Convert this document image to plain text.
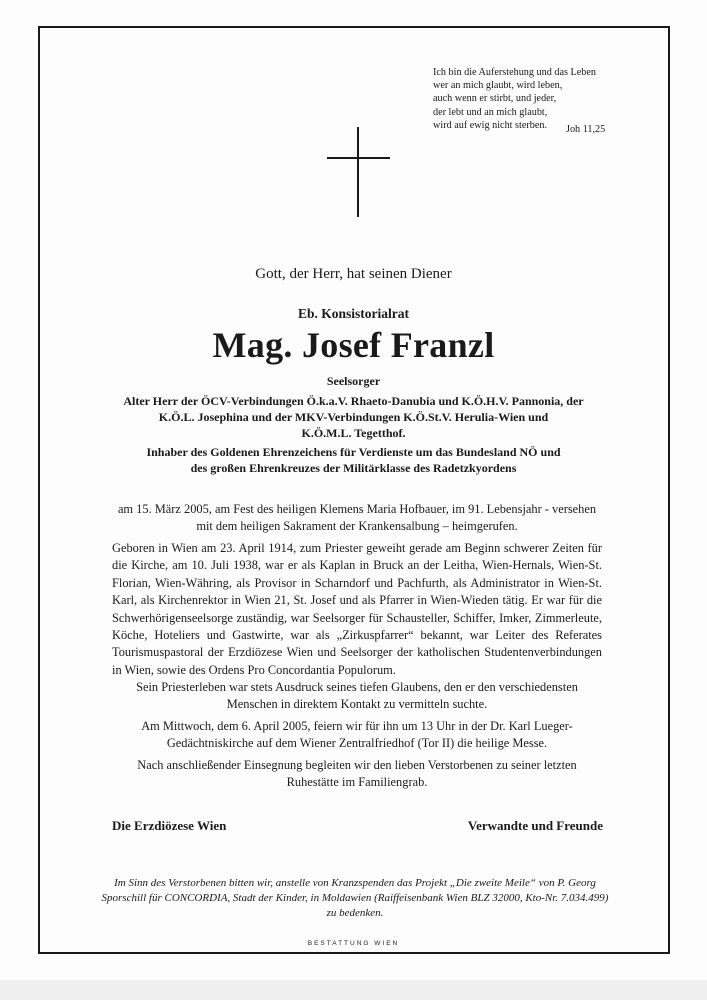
Ich bin die Auferstehung und das Leben
wer an mich glaubt, wird leben,
auch wenn er stirbt, und jeder,
der lebt und an mich glaubt,
wird auf ewig nicht sterben.	Joh 11,25
Gott, der Herr, hat seinen Diener
Eb. Konsistorialrat
Mag. Josef Franzl
Seelsorger
Alter Herr der ÖCV-Verbindungen Ö.k.a.V. Rhaeto-Danubia und K.Ö.H.V. Pannonia, der
K.Ö.L. Josephina und der MKV-Verbindungen K.Ö.St.V. Herulia-Wien und
K.Ö.M.L. Tegetthof.
Inhaber des Goldenen Ehrenzeichens für Verdienste um das Bundesland NÖ und
des großen Ehrenkreuzes der Militärklasse des Radetzkyordens
am 15. März 2005, am Fest des heiligen Klemens Maria Hofbauer, im 91. Lebensjahr - versehen mit dem heiligen Sakrament der Krankensalbung – heimgerufen.
Geboren in Wien am 23. April 1914, zum Priester geweiht gerade am Beginn schwerer Zeiten für die Kirche, am 10. Juli 1938, war er als Kaplan in Bruck an der Leitha, Wien-Hernals, Wien-St. Florian, Wien-Währing, als Provisor in Scharndorf und Pachfurth, als Administrator in Wien-St. Karl, als Kirchenrektor in Wien 21, St. Josef und als Pfarrer in Wien-Wieden tätig. Er war für die Schwerhörigenseelsorge zuständig, war Seelsorger für Schausteller, Schiffer, Imker, Zimmerleute, Köche, Hoteliers und Gastwirte, war als „Zirkuspfarrer“ bekannt, war Leiter des Referates Tourismuspastoral der Erzdiözese Wien und Seelsorger der katholischen Studentenverbindungen in Wien, sowie des Ordens Pro Concordantia Populorum.
Sein Priesterleben war stets Ausdruck seines tiefen Glaubens, den er den verschiedensten Menschen in direktem Kontakt zu vermitteln suchte.
Am Mittwoch, dem 6. April 2005, feiern wir für ihn um 13 Uhr in der Dr. Karl Lueger-Gedächtniskirche auf dem Wiener Zentralfriedhof (Tor II) die heilige Messe.
Nach anschließender Einsegnung begleiten wir den lieben Verstorbenen zu seiner letzten Ruhestätte im Familiengrab.
Die Erzdiözese Wien	Verwandte und Freunde
Im Sinn des Verstorbenen bitten wir, anstelle von Kranzspenden das Projekt „Die zweite Meile“ von P. Georg Sporschill für CONCORDIA, Stadt der Kinder, in Moldawien (Raiffeisenbank Wien BLZ 32000, Kto-Nr. 7.034.499) zu bedenken.
BESTATTUNG WIEN
